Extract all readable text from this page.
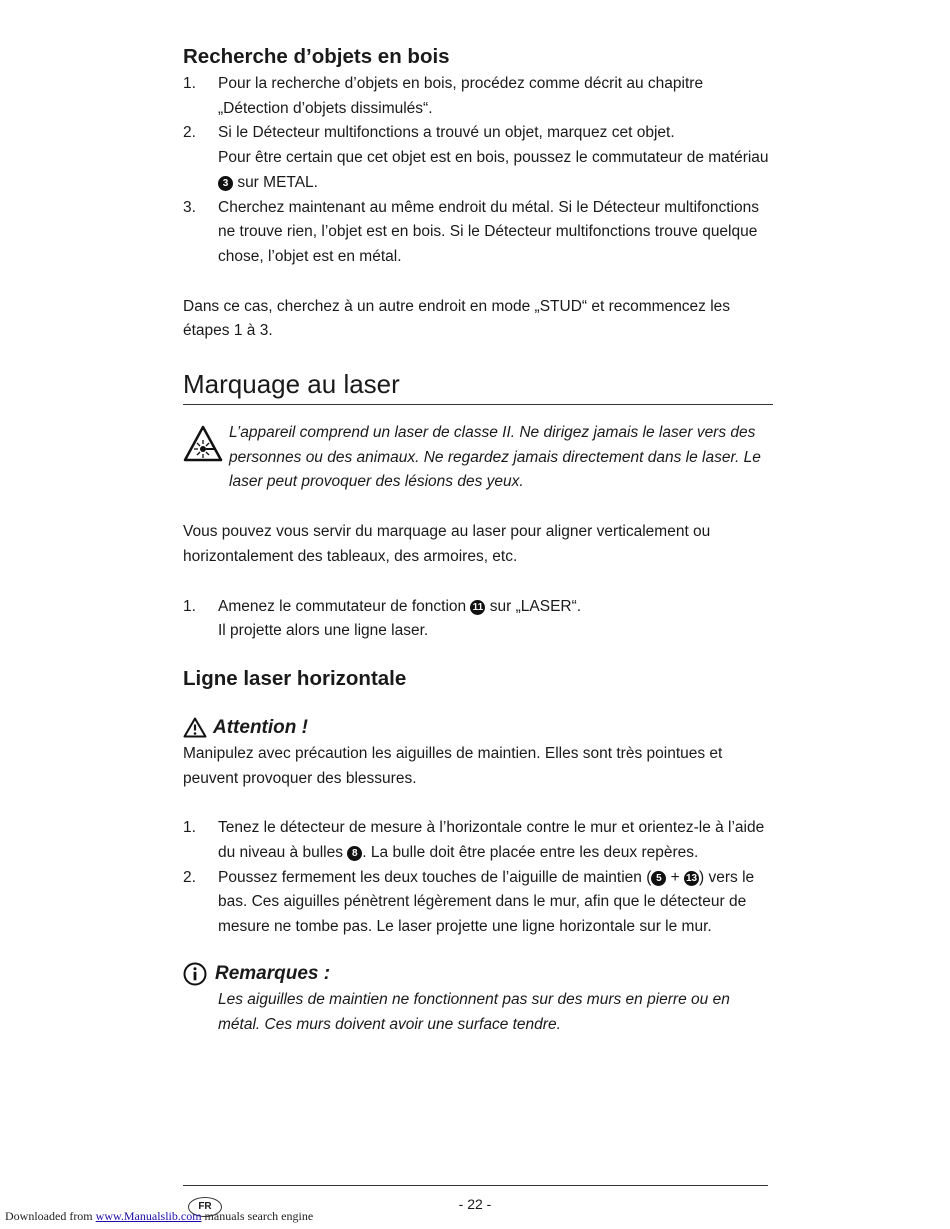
Recherche d’objets en bois
1. Pour la recherche d’objets en bois, procédez comme décrit au chapitre „Détection d’objets dissimulés“.
2. Si le Détecteur multifonctions a trouvé un objet, marquez cet objet.
Pour être certain que cet objet est en bois, poussez le commutateur de matériau 3 sur METAL.
3. Cherchez maintenant au même endroit du métal. Si le Détecteur multifonctions ne trouve rien, l’objet est en bois. Si le Détecteur multifonctions trouve quelque chose, l’objet est en métal.

Dans ce cas, cherchez à un autre endroit en mode „STUD“ et recommencez les étapes 1 à 3.

Marquage au laser

L’appareil comprend un laser de classe II. Ne dirigez jamais le laser vers des personnes ou des animaux. Ne regardez jamais directement dans le laser. Le laser peut provoquer des lésions des yeux.

Vous pouvez vous servir du marquage au laser pour aligner verticalement ou horizontalement des tableaux, des armoires, etc.

1. Amenez le commutateur de fonction 11 sur „LASER“.
Il projette alors une ligne laser.
Ligne laser horizontale
Attention !

Manipulez avec précaution les aiguilles de maintien. Elles sont très pointues et peuvent provoquer des blessures.

1. Tenez le détecteur de mesure à l’horizontale contre le mur et orientez-le à l’aide du niveau à bulles 8 . La bulle doit être placée entre les deux repères.
2. Poussez fermement les deux touches de l’aiguille de maintien ( 5 + 13 ) vers le bas. Ces aiguilles pénètrent légèrement dans le mur, afin que le détecteur de mesure ne tombe pas. Le laser projette une ligne horizontale sur le mur.
Remarques :

Les aiguilles de maintien ne fonctionnent pas sur des murs en pierre ou en métal. Ces murs doivent avoir une surface tendre.

- 22 -
FR
Downloaded from www.Manualslib.com manuals search engine
